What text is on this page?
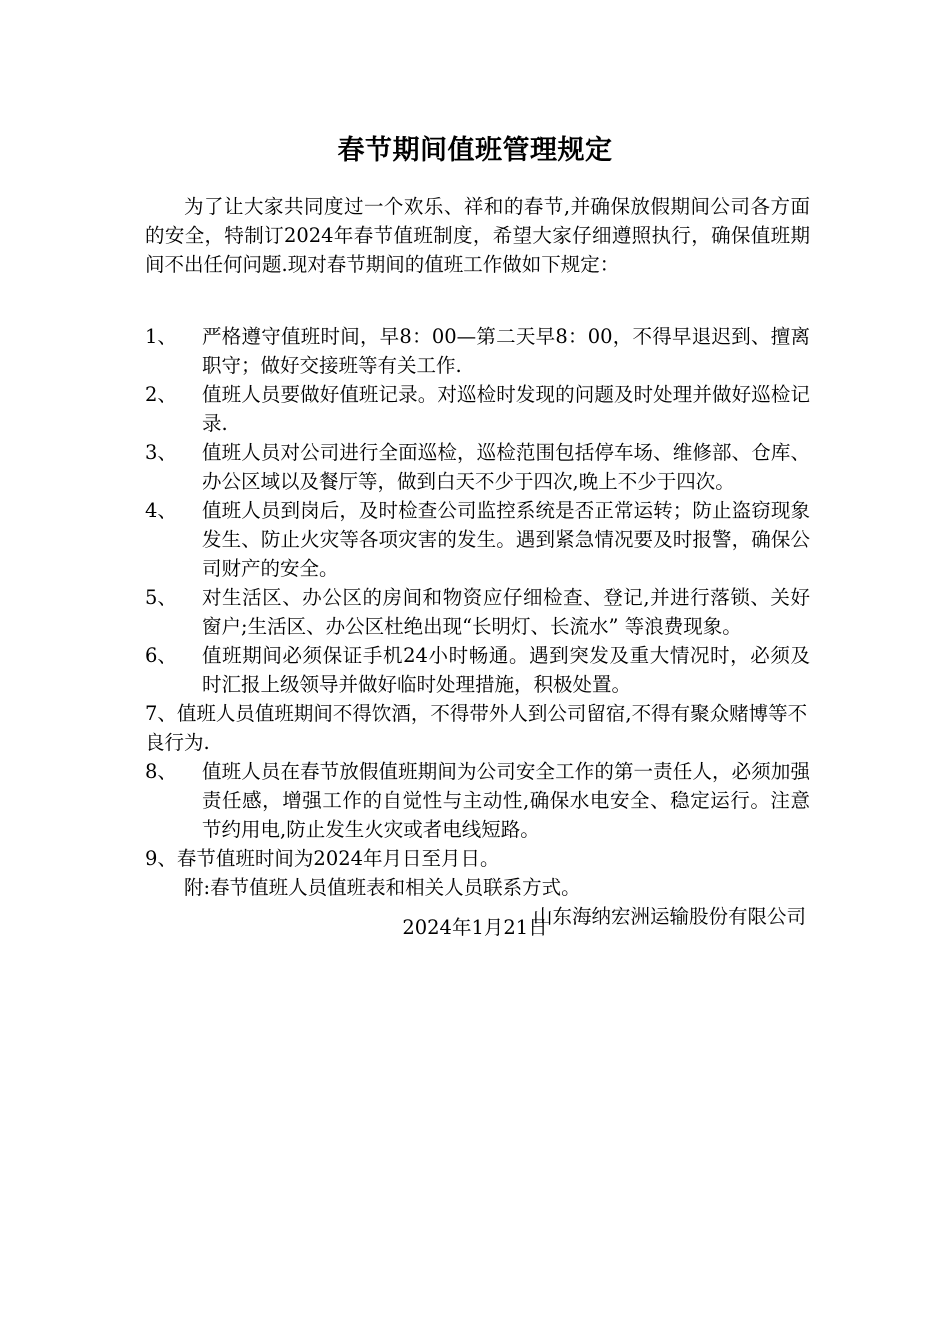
春节期间值班管理规定
为了让大家共同度过一个欢乐、祥和的春节,并确保放假期间公司各方面的安全，特制订2024年春节值班制度，希望大家仔细遵照执行，确保值班期间不出任何问题.现对春节期间的值班工作做如下规定：
1、	严格遵守值班时间，早8：00—第二天早8：00，不得早退迟到、擅离职守；做好交接班等有关工作.
2、	值班人员要做好值班记录。对巡检时发现的问题及时处理并做好巡检记录.
3、	值班人员对公司进行全面巡检，巡检范围包括停车场、维修部、仓库、办公区域以及餐厅等，做到白天不少于四次,晚上不少于四次。
4、	值班人员到岗后，及时检查公司监控系统是否正常运转；防止盗窃现象发生、防止火灾等各项灾害的发生。遇到紧急情况要及时报警，确保公司财产的安全。
5、	对生活区、办公区的房间和物资应仔细检查、登记,并进行落锁、关好窗户;生活区、办公区杜绝出现“长明灯、长流水” 等浪费现象。
6、	值班期间必须保证手机24小时畅通。遇到突发及重大情况时，必须及时汇报上级领导并做好临时处理措施，积极处置。

7、值班人员值班期间不得饮酒，不得带外人到公司留宿,不得有聚众赌博等不良行为.

8、	值班人员在春节放假值班期间为公司安全工作的第一责任人，必须加强责任感，增强工作的自觉性与主动性,确保水电安全、稳定运行。注意节约用电,防止发生火灾或者电线短路。

9、春节值班时间为2024年月日至月日。

附:春节值班人员值班表和相关人员联系方式。

山东海纳宏洲运输股份有限公司

2024年1月21日
